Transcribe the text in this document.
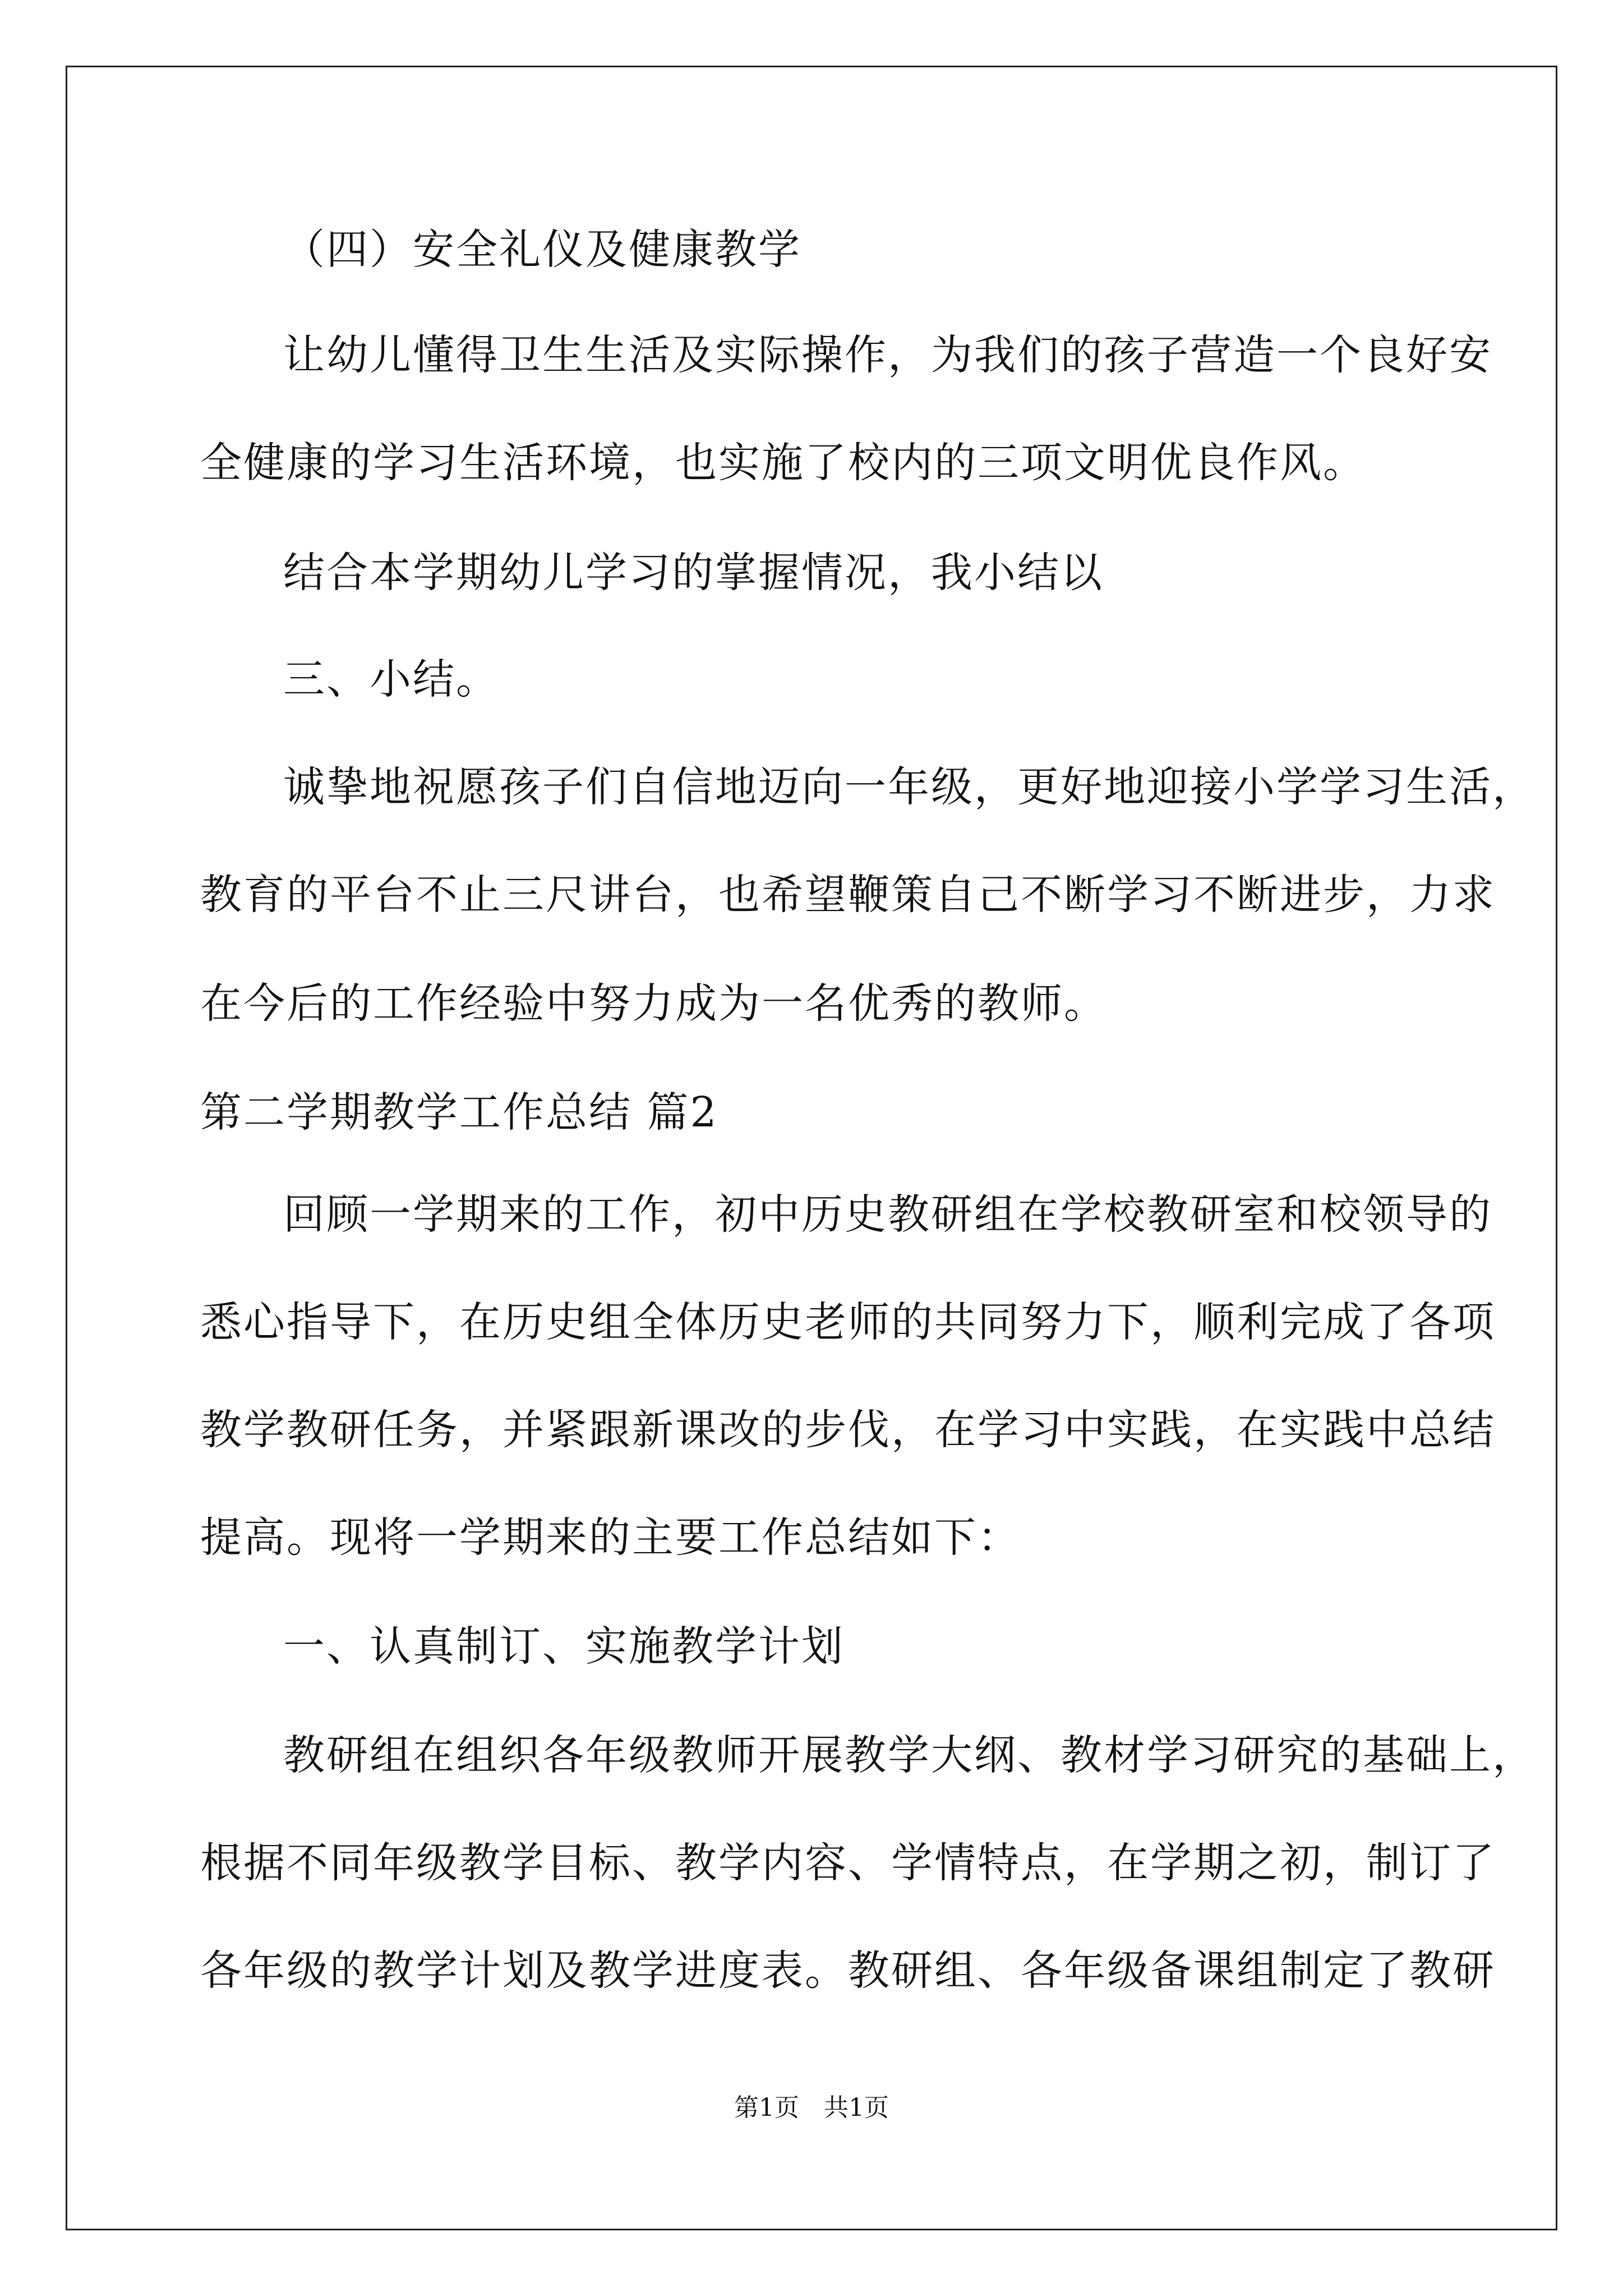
（四）安全礼仪及健康教学
让幼儿懂得卫生生活及实际操作，为我们的孩子营造一个良好安
全健康的学习生活环境，也实施了校内的三项文明优良作风。
结合本学期幼儿学习的掌握情况，我小结以
三、小结。
诚挚地祝愿孩子们自信地迈向一年级，更好地迎接小学学习生活，
教育的平台不止三尺讲台，也希望鞭策自己不断学习不断进步，力求
在今后的工作经验中努力成为一名优秀的教师。
第二学期教学工作总结 篇2
回顾一学期来的工作，初中历史教研组在学校教研室和校领导的
悉心指导下，在历史组全体历史老师的共同努力下，顺利完成了各项
教学教研任务，并紧跟新课改的步伐，在学习中实践，在实践中总结
提高。现将一学期来的主要工作总结如下：
一、认真制订、实施教学计划
教研组在组织各年级教师开展教学大纲、教材学习研究的基础上，
根据不同年级教学目标、教学内容、学情特点，在学期之初，制订了
各年级的教学计划及教学进度表。教研组、各年级备课组制定了教研
第1页　共1页
